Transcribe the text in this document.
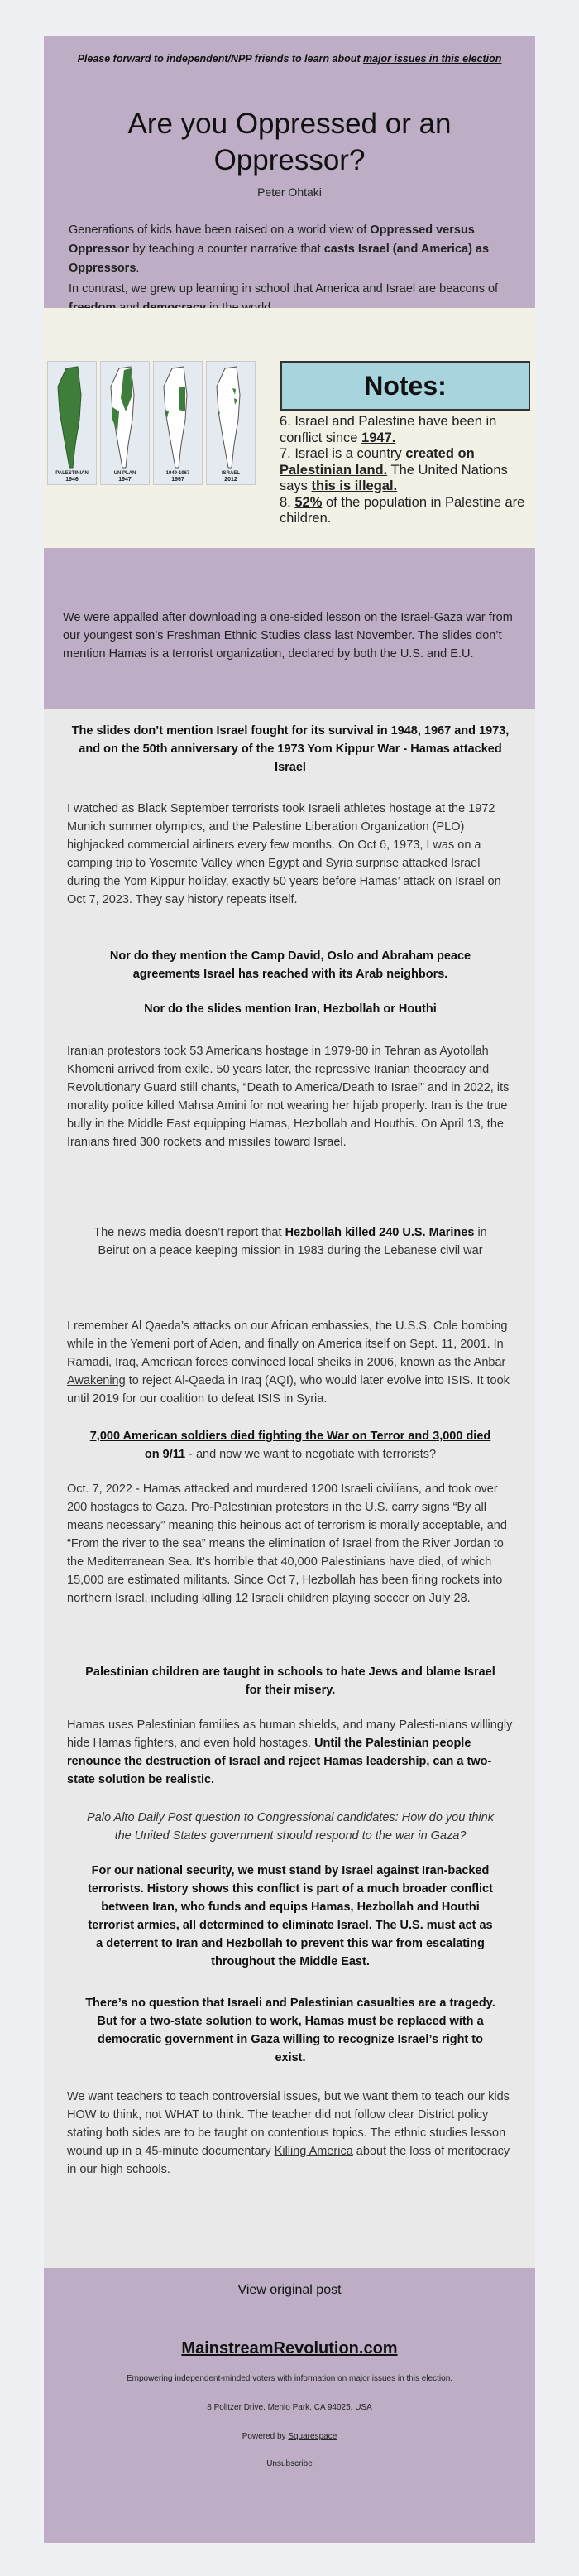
Please forward to independent/NPP friends to learn about major issues in this election
Are you Oppressed or an Oppressor?
Peter Ohtaki
Generations of kids have been raised on a world view of Oppressed versus Oppressor by teaching a counter narrative that casts Israel (and America) as Oppressors.
In contrast, we grew up learning in school that America and Israel are beacons of
PALESTINIAN
1946
UN PLAN
1947
1949-1967
1967
ISRAEL
2012
Notes:
6. Israel and Palestine have been in conflict since 1947.
7. Israel is a country created on Palestinian land. The United Nations says this is illegal.
8. 52% of the population in Palestine are children.
We were appalled after downloading a one-sided lesson on the Israel-Gaza war from our youngest son’s Freshman Ethnic Studies class last November. The slides don’t mention Hamas is a terrorist organization, declared by both the U.S. and E.U.
The slides don’t mention Israel fought for its survival in 1948, 1967 and 1973, and on the 50th anniversary of the 1973 Yom Kippur War - Hamas attacked Israel
I watched as Black September terrorists took Israeli athletes hostage at the 1972 Munich summer olympics, and the Palestine Liberation Organization (PLO) highjacked commercial airliners every few months. On Oct 6, 1973, I was on a camping trip to Yosemite Valley when Egypt and Syria surprise attacked Israel during the Yom Kippur holiday, exactly 50 years before Hamas’ attack on Israel on Oct 7, 2023. They say history repeats itself.
Nor do they mention the Camp David, Oslo and Abraham peace agreements Israel has reached with its Arab neighbors.
Nor do the slides mention Iran, Hezbollah or Houthi
Iranian protestors took 53 Americans hostage in 1979-80 in Tehran as Ayotollah Khomeni arrived from exile. 50 years later, the repressive Iranian theocracy and Revolutionary Guard still chants, “Death to America/Death to Israel” and in 2022, its morality police killed Mahsa Amini for not wearing her hijab properly. Iran is the true bully in the Middle East equipping Hamas, Hezbollah and Houthis. On April 13, the Iranians fired 300 rockets and missiles toward Israel.
The news media doesn’t report that Hezbollah killed 240 U.S. Marines in Beirut on a peace keeping mission in 1983 during the Lebanese civil war
I remember Al Qaeda’s attacks on our African embassies, the U.S.S. Cole bombing while in the Yemeni port of Aden, and finally on America itself on Sept. 11, 2001. In Ramadi, Iraq, American forces convinced local sheiks in 2006, known as the Anbar Awakening to reject Al-Qaeda in Iraq (AQI), who would later evolve into ISIS. It took until 2019 for our coalition to defeat ISIS in Syria.
7,000 American soldiers died fighting the War on Terror and 3,000 died on 9/11 - and now we want to negotiate with terrorists?
Oct. 7, 2022 - Hamas attacked and murdered 1200 Israeli civilians, and took over 200 hostages to Gaza. Pro-Palestinian protestors in the U.S. carry signs “By all means necessary” meaning this heinous act of terrorism is morally acceptable, and “From the river to the sea” means the elimination of Israel from the River Jordan to the Mediterranean Sea. It’s horrible that 40,000 Palestinians have died, of which 15,000 are estimated militants. Since Oct 7, Hezbollah has been firing rockets into northern Israel, including killing 12 Israeli children playing soccer on July 28.
Palestinian children are taught in schools to hate Jews and blame Israel for their misery.
Hamas uses Palestinian families as human shields, and many Palesti-nians willingly hide Hamas fighters, and even hold hostages. Until the Palestinian people renounce the destruction of Israel and reject Hamas leadership, can a two-state solution be realistic.
Palo Alto Daily Post question to Congressional candidates: How do you think the United States government should respond to the war in Gaza?
For our national security, we must stand by Israel against Iran-backed terrorists. History shows this conflict is part of a much broader conflict between Iran, who funds and equips Hamas, Hezbollah and Houthi terrorist armies, all determined to eliminate Israel. The U.S. must act as a deterrent to Iran and Hezbollah to prevent this war from escalating throughout the Middle East.
There’s no question that Israeli and Palestinian casualties are a tragedy. But for a two-state solution to work, Hamas must be replaced with a democratic government in Gaza willing to recognize Israel’s right to exist.
We want teachers to teach controversial issues, but we want them to teach our kids HOW to think, not WHAT to think. The teacher did not follow clear District policy stating both sides are to be taught on contentious topics. The ethnic studies lesson wound up in a 45-minute documentary Killing America about the loss of meritocracy in our high schools.
View original post
MainstreamRevolution.com
Empowering independent-minded voters with information on major issues in this election.
8 Politzer Drive, Menlo Park, CA 94025, USA
Powered by Squarespace
Unsubscribe
